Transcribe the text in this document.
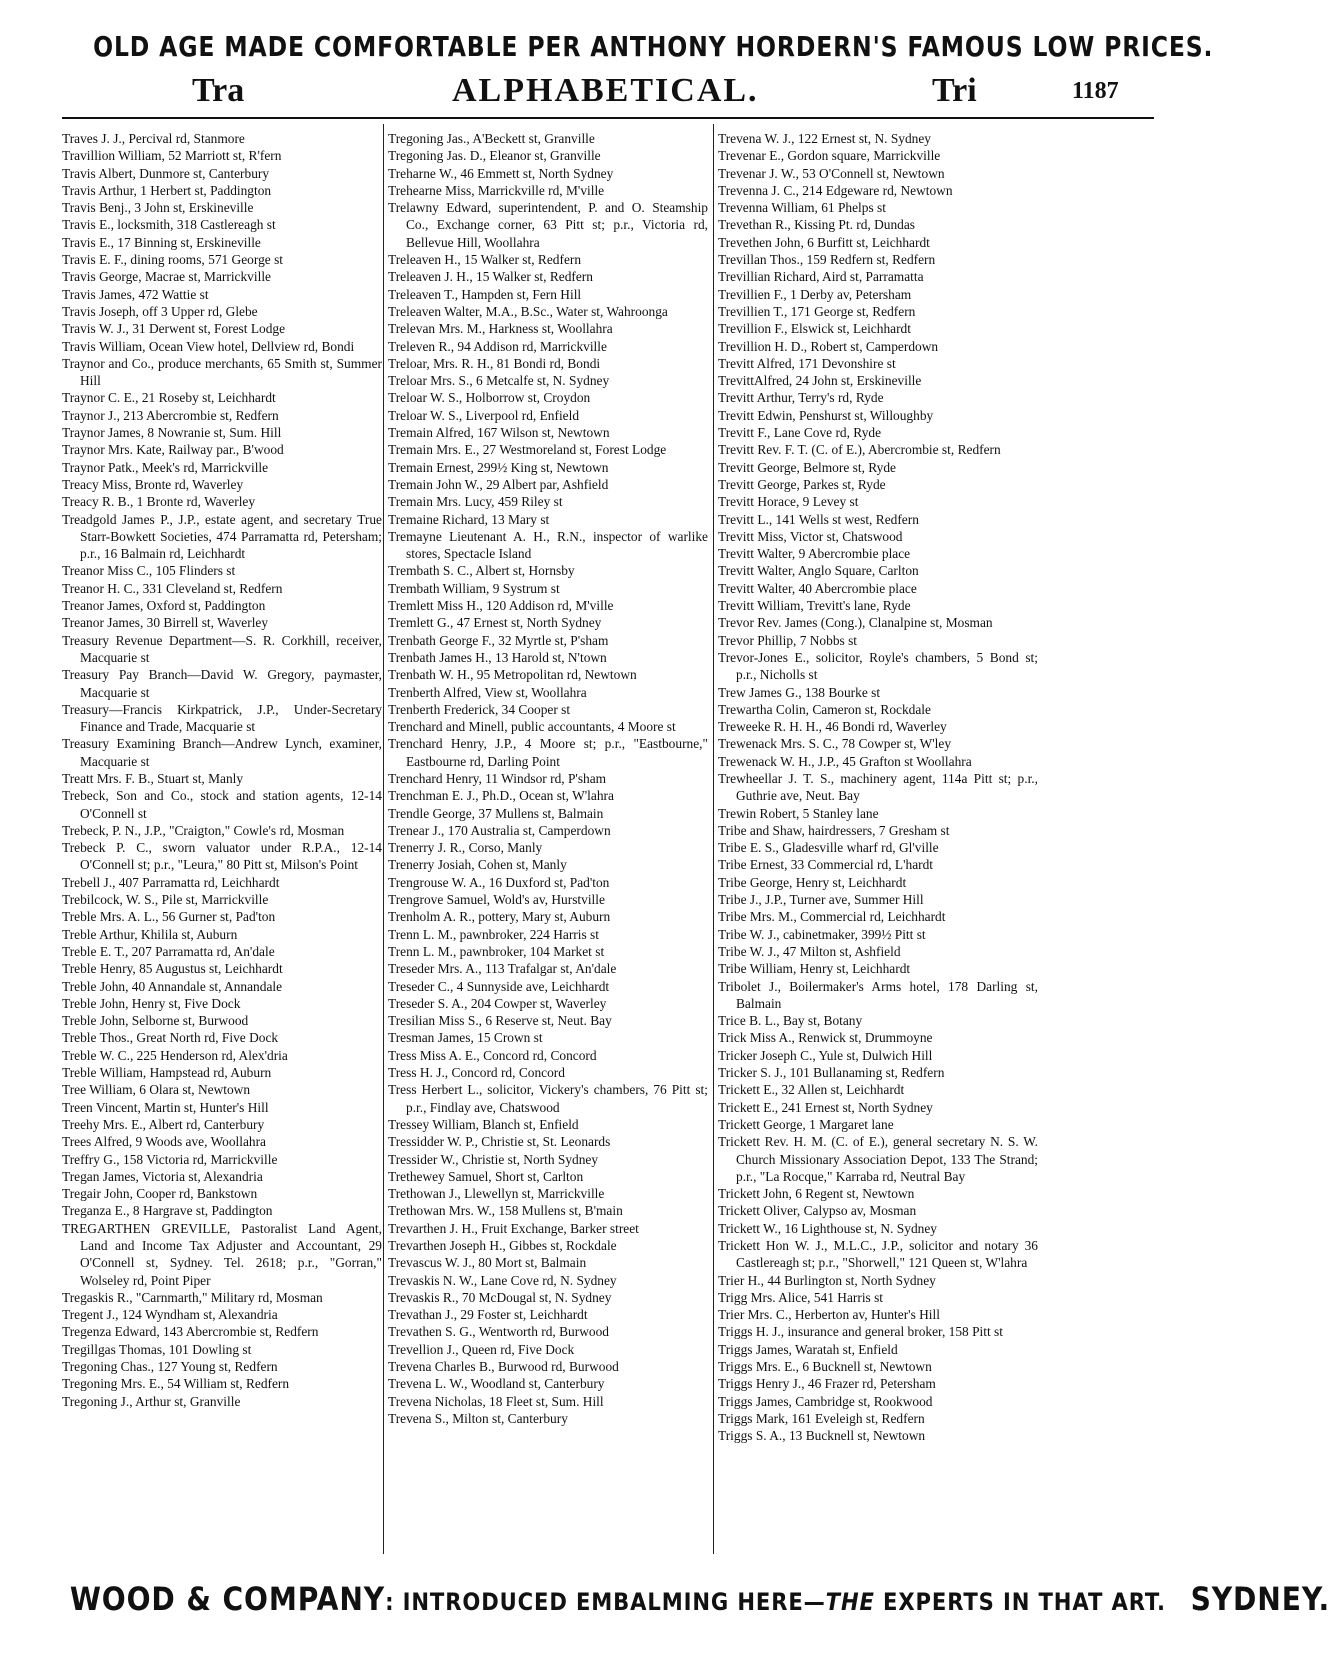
OLD AGE MADE COMFORTABLE PER ANTHONY HORDERN'S FAMOUS LOW PRICES.
Tra	ALPHABETICAL.	Tri	1187

Traves J. J., Percival rd, Stanmore

Travillion William, 52 Marriott st, R'fern

Travis Albert, Dunmore st, Canterbury

Travis Arthur, 1 Herbert st, Paddington

Travis Benj., 3 John st, Erskineville

Travis E., locksmith, 318 Castlereagh st

Travis E., 17 Binning st, Erskineville

Travis E. F., dining rooms, 571 George st

Travis George, Macrae st, Marrickville

Travis James, 472 Wattie st

Travis Joseph, off 3 Upper rd, Glebe

Travis W. J., 31 Derwent st, Forest Lodge

Travis William, Ocean View hotel, Dellview rd, Bondi

Traynor and Co., produce merchants, 65 Smith st, Summer Hill

Traynor C. E., 21 Roseby st, Leichhardt

Traynor J., 213 Abercrombie st, Redfern

Traynor James, 8 Nowranie st, Sum. Hill

Traynor Mrs. Kate, Railway par., B'wood

Traynor Patk., Meek's rd, Marrickville

Treacy Miss, Bronte rd, Waverley

Treacy R. B., 1 Bronte rd, Waverley

Treadgold James P., J.P., estate agent, and secretary True Starr-Bowkett Societies, 474 Parramatta rd, Petersham; p.r., 16 Balmain rd, Leichhardt

Treanor Miss C., 105 Flinders st

Treanor H. C., 331 Cleveland st, Redfern

Treanor James, Oxford st, Paddington

Treanor James, 30 Birrell st, Waverley

Treasury Revenue Department—S. R. Corkhill, receiver, Macquarie st

Treasury Pay Branch—David W. Gregory, paymaster, Macquarie st

Treasury—Francis Kirkpatrick, J.P., Under-Secretary Finance and Trade, Macquarie st

Treasury Examining Branch—Andrew Lynch, examiner, Macquarie st

Treatt Mrs. F. B., Stuart st, Manly

Trebeck, Son and Co., stock and station agents, 12-14 O'Connell st

Trebeck, P. N., J.P., "Craigton," Cowle's rd, Mosman

Trebeck P. C., sworn valuator under R.P.A., 12-14 O'Connell st; p.r., "Leura," 80 Pitt st, Milson's Point

Trebell J., 407 Parramatta rd, Leichhardt

Trebilcock, W. S., Pile st, Marrickville

Treble Mrs. A. L., 56 Gurner st, Pad'ton

Treble Arthur, Khilila st, Auburn

Treble E. T., 207 Parramatta rd, An'dale

Treble Henry, 85 Augustus st, Leichhardt

Treble John, 40 Annandale st, Annandale

Treble John, Henry st, Five Dock

Treble John, Selborne st, Burwood

Treble Thos., Great North rd, Five Dock

Treble W. C., 225 Henderson rd, Alex'dria

Treble William, Hampstead rd, Auburn

Tree William, 6 Olara st, Newtown

Treen Vincent, Martin st, Hunter's Hill

Treehy Mrs. E., Albert rd, Canterbury

Trees Alfred, 9 Woods ave, Woollahra

Treffry G., 158 Victoria rd, Marrickville

Tregan James, Victoria st, Alexandria

Tregair John, Cooper rd, Bankstown

Treganza E., 8 Hargrave st, Paddington

TREGARTHEN GREVILLE, Pastoralist Land Agent, Land and Income Tax Adjuster and Accountant, 29 O'Connell st, Sydney. Tel. 2618; p.r., "Gorran," Wolseley rd, Point Piper

Tregaskis R., "Carnmarth," Military rd, Mosman

Tregent J., 124 Wyndham st, Alexandria

Tregenza Edward, 143 Abercrombie st, Redfern

Tregillgas Thomas, 101 Dowling st

Tregoning Chas., 127 Young st, Redfern

Tregoning Mrs. E., 54 William st, Redfern

Tregoning J., Arthur st, Granville

Tregoning Jas., A'Beckett st, Granville

Tregoning Jas. D., Eleanor st, Granville

Treharne W., 46 Emmett st, North Sydney

Trehearne Miss, Marrickville rd, M'ville

Trelawny Edward, superintendent, P. and O. Steamship Co., Exchange corner, 63 Pitt st; p.r., Victoria rd, Bellevue Hill, Woollahra

Treleaven H., 15 Walker st, Redfern

Treleaven J. H., 15 Walker st, Redfern

Treleaven T., Hampden st, Fern Hill

Treleaven Walter, M.A., B.Sc., Water st, Wahroonga

Trelevan Mrs. M., Harkness st, Woollahra

Treleven R., 94 Addison rd, Marrickville

Treloar, Mrs. R. H., 81 Bondi rd, Bondi

Treloar Mrs. S., 6 Metcalfe st, N. Sydney

Treloar W. S., Holborrow st, Croydon

Treloar W. S., Liverpool rd, Enfield

Tremain Alfred, 167 Wilson st, Newtown

Tremain Mrs. E., 27 Westmoreland st, Forest Lodge

Tremain Ernest, 299½ King st, Newtown

Tremain John W., 29 Albert par, Ashfield

Tremain Mrs. Lucy, 459 Riley st

Tremaine Richard, 13 Mary st

Tremayne Lieutenant A. H., R.N., inspector of warlike stores, Spectacle Island

Trembath S. C., Albert st, Hornsby

Trembath William, 9 Systrum st

Tremlett Miss H., 120 Addison rd, M'ville

Tremlett G., 47 Ernest st, North Sydney

Trenbath George F., 32 Myrtle st, P'sham

Trenbath James H., 13 Harold st, N'town

Trenbath W. H., 95 Metropolitan rd, Newtown

Trenberth Alfred, View st, Woollahra

Trenberth Frederick, 34 Cooper st

Trenchard and Minell, public accountants, 4 Moore st

Trenchard Henry, J.P., 4 Moore st; p.r., "Eastbourne," Eastbourne rd, Darling Point

Trenchard Henry, 11 Windsor rd, P'sham

Trenchman E. J., Ph.D., Ocean st, W'lahra

Trendle George, 37 Mullens st, Balmain

Trenear J., 170 Australia st, Camperdown

Trenerry J. R., Corso, Manly

Trenerry Josiah, Cohen st, Manly

Trengrouse W. A., 16 Duxford st, Pad'ton

Trengrove Samuel, Wold's av, Hurstville

Trenholm A. R., pottery, Mary st, Auburn

Trenn L. M., pawnbroker, 224 Harris st

Trenn L. M., pawnbroker, 104 Market st

Treseder Mrs. A., 113 Trafalgar st, An'dale

Treseder C., 4 Sunnyside ave, Leichhardt

Treseder S. A., 204 Cowper st, Waverley

Tresilian Miss S., 6 Reserve st, Neut. Bay

Tresman James, 15 Crown st

Tress Miss A. E., Concord rd, Concord

Tress H. J., Concord rd, Concord

Tress Herbert L., solicitor, Vickery's chambers, 76 Pitt st; p.r., Findlay ave, Chatswood

Tressey William, Blanch st, Enfield

Tressidder W. P., Christie st, St. Leonards

Tressider W., Christie st, North Sydney

Trethewey Samuel, Short st, Carlton

Trethowan J., Llewellyn st, Marrickville

Trethowan Mrs. W., 158 Mullens st, B'main

Trevarthen J. H., Fruit Exchange, Barker street

Trevarthen Joseph H., Gibbes st, Rockdale

Trevascus W. J., 80 Mort st, Balmain

Trevaskis N. W., Lane Cove rd, N. Sydney

Trevaskis R., 70 McDougal st, N. Sydney

Trevathan J., 29 Foster st, Leichhardt

Trevathen S. G., Wentworth rd, Burwood

Trevellion J., Queen rd, Five Dock

Trevena Charles B., Burwood rd, Burwood

Trevena L. W., Woodland st, Canterbury

Trevena Nicholas, 18 Fleet st, Sum. Hill

Trevena S., Milton st, Canterbury

Trevena W. J., 122 Ernest st, N. Sydney

Trevenar E., Gordon square, Marrickville

Trevenar J. W., 53 O'Connell st, Newtown

Trevenna J. C., 214 Edgeware rd, Newtown

Trevenna William, 61 Phelps st

Trevethan R., Kissing Pt. rd, Dundas

Trevethen John, 6 Burfitt st, Leichhardt

Trevillan Thos., 159 Redfern st, Redfern

Trevillian Richard, Aird st, Parramatta

Trevillien F., 1 Derby av, Petersham

Trevillien T., 171 George st, Redfern

Trevillion F., Elswick st, Leichhardt

Trevillion H. D., Robert st, Camperdown

Trevitt Alfred, 171 Devonshire st

TrevittAlfred, 24 John st, Erskineville

Trevitt Arthur, Terry's rd, Ryde

Trevitt Edwin, Penshurst st, Willoughby

Trevitt F., Lane Cove rd, Ryde

Trevitt Rev. F. T. (C. of E.), Abercrombie st, Redfern

Trevitt George, Belmore st, Ryde

Trevitt George, Parkes st, Ryde

Trevitt Horace, 9 Levey st

Trevitt L., 141 Wells st west, Redfern

Trevitt Miss, Victor st, Chatswood

Trevitt Walter, 9 Abercrombie place

Trevitt Walter, Anglo Square, Carlton

Trevitt Walter, 40 Abercrombie place

Trevitt William, Trevitt's lane, Ryde

Trevor Rev. James (Cong.), Clanalpine st, Mosman

Trevor Phillip, 7 Nobbs st

Trevor-Jones E., solicitor, Royle's chambers, 5 Bond st; p.r., Nicholls st

Trew James G., 138 Bourke st

Trewartha Colin, Cameron st, Rockdale

Treweeke R. H. H., 46 Bondi rd, Waverley

Trewenack Mrs. S. C., 78 Cowper st, W'ley

Trewenack W. H., J.P., 45 Grafton st Woollahra

Trewheellar J. T. S., machinery agent, 114a Pitt st; p.r., Guthrie ave, Neut. Bay

Trewin Robert, 5 Stanley lane

Tribe and Shaw, hairdressers, 7 Gresham st

Tribe E. S., Gladesville wharf rd, Gl'ville

Tribe Ernest, 33 Commercial rd, L'hardt

Tribe George, Henry st, Leichhardt

Tribe J., J.P., Turner ave, Summer Hill

Tribe Mrs. M., Commercial rd, Leichhardt

Tribe W. J., cabinetmaker, 399½ Pitt st

Tribe W. J., 47 Milton st, Ashfield

Tribe William, Henry st, Leichhardt

Tribolet J., Boilermaker's Arms hotel, 178 Darling st, Balmain

Trice B. L., Bay st, Botany

Trick Miss A., Renwick st, Drummoyne

Tricker Joseph C., Yule st, Dulwich Hill

Tricker S. J., 101 Bullanaming st, Redfern

Trickett E., 32 Allen st, Leichhardt

Trickett E., 241 Ernest st, North Sydney

Trickett George, 1 Margaret lane

Trickett Rev. H. M. (C. of E.), general secretary N. S. W. Church Missionary Association Depot, 133 The Strand; p.r., "La Rocque," Karraba rd, Neutral Bay

Trickett John, 6 Regent st, Newtown

Trickett Oliver, Calypso av, Mosman

Trickett W., 16 Lighthouse st, N. Sydney

Trickett Hon W. J., M.L.C., J.P., solicitor and notary 36 Castlereagh st; p.r., "Shorwell," 121 Queen st, W'lahra

Trier H., 44 Burlington st, North Sydney

Trigg Mrs. Alice, 541 Harris st

Trier Mrs. C., Herberton av, Hunter's Hill

Triggs H. J., insurance and general broker, 158 Pitt st

Triggs James, Waratah st, Enfield

Triggs Mrs. E., 6 Bucknell st, Newtown

Triggs Henry J., 46 Frazer rd, Petersham

Triggs James, Cambridge st, Rookwood

Triggs Mark, 161 Eveleigh st, Redfern

Triggs S. A., 13 Bucknell st, Newtown

WOOD & COMPANY: INTRODUCED EMBALMING HERE—THE EXPERTS IN THAT ART. SYDNEY.
